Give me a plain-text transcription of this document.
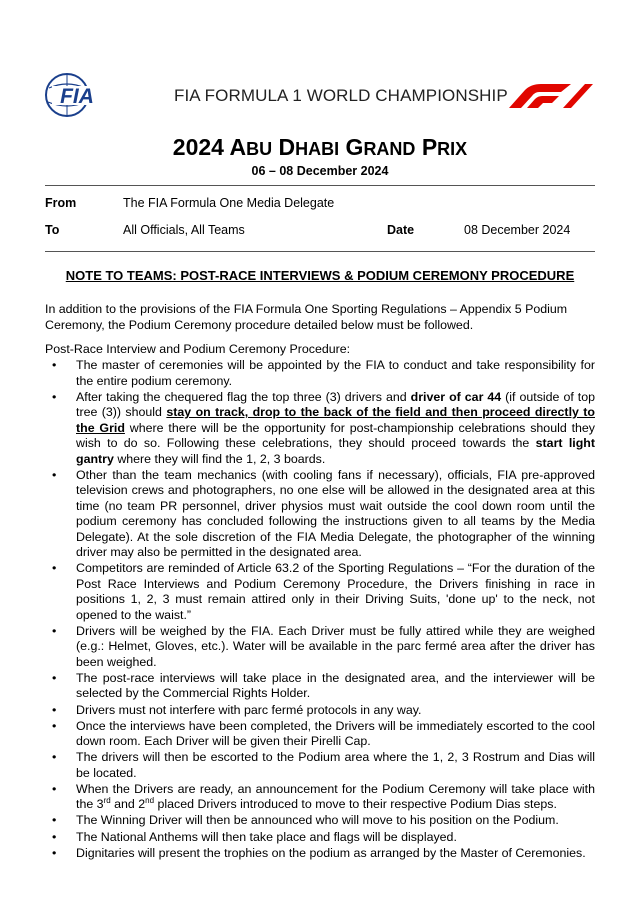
FIA	FIA FORMULA 1 WORLD CHAMPIONSHIP
2024 ABU DHABI GRAND PRIX
06 – 08 December 2024
From	The FIA Formula One Media Delegate
To	All Officials, All Teams	Date	08 December 2024
NOTE TO TEAMS: POST-RACE INTERVIEWS & PODIUM CEREMONY PROCEDURE
In addition to the provisions of the FIA Formula One Sporting Regulations – Appendix 5 Podium Ceremony, the Podium Ceremony procedure detailed below must be followed.
Post-Race Interview and Podium Ceremony Procedure:
• The master of ceremonies will be appointed by the FIA to conduct and take responsibility for the entire podium ceremony.
• After taking the chequered flag the top three (3) drivers and driver of car 44 (if outside of top tree (3)) should stay on track, drop to the back of the field and then proceed directly to the Grid where there will be the opportunity for post-championship celebrations should they wish to do so. Following these celebrations, they should proceed towards the start light gantry where they will find the 1, 2, 3 boards.
• Other than the team mechanics (with cooling fans if necessary), officials, FIA pre-approved television crews and photographers, no one else will be allowed in the designated area at this time (no team PR personnel, driver physios must wait outside the cool down room until the podium ceremony has concluded following the instructions given to all teams by the Media Delegate). At the sole discretion of the FIA Media Delegate, the photographer of the winning driver may also be permitted in the designated area.
• Competitors are reminded of Article 63.2 of the Sporting Regulations – “For the duration of the Post Race Interviews and Podium Ceremony Procedure, the Drivers finishing in race in positions 1, 2, 3 must remain attired only in their Driving Suits, 'done up' to the neck, not opened to the waist.”
• Drivers will be weighed by the FIA. Each Driver must be fully attired while they are weighed (e.g.: Helmet, Gloves, etc.). Water will be available in the parc fermé area after the driver has been weighed.
• The post-race interviews will take place in the designated area, and the interviewer will be selected by the Commercial Rights Holder.
• Drivers must not interfere with parc fermé protocols in any way.
• Once the interviews have been completed, the Drivers will be immediately escorted to the cool down room. Each Driver will be given their Pirelli Cap.
• The drivers will then be escorted to the Podium area where the 1, 2, 3 Rostrum and Dias will be located.
• When the Drivers are ready, an announcement for the Podium Ceremony will take place with the 3rd and 2nd placed Drivers introduced to move to their respective Podium Dias steps.
• The Winning Driver will then be announced who will move to his position on the Podium.
• The National Anthems will then take place and flags will be displayed.
• Dignitaries will present the trophies on the podium as arranged by the Master of Ceremonies.
